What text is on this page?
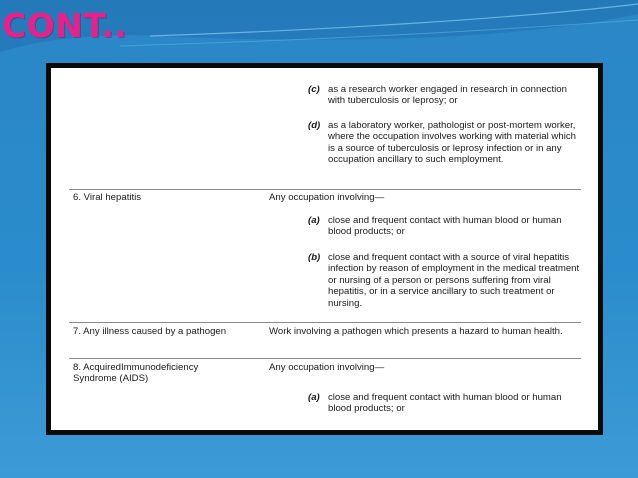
CONT..
(c) as a research worker engaged in research in connection with tuberculosis or leprosy; or
(d) as a laboratory worker, pathologist or post-mortem worker, where the occupation involves working with material which is a source of tuberculosis or leprosy infection or in any occupation ancillary to such employment.
6. Viral hepatitis	Any occupation involving—
(a) close and frequent contact with human blood or human blood products; or
(b) close and frequent contact with a source of viral hepatitis infection by reason of employment in the medical treatment or nursing of a person or persons suffering from viral hepatitis, or in a service ancillary to such treatment or nursing.
7. Any illness caused by a pathogen	Work involving a pathogen which presents a hazard to human health.
8. AcquiredImmunodeficiency Syndrome (AIDS)
Any occupation involving—
(a) close and frequent contact with human blood or human blood products; or
